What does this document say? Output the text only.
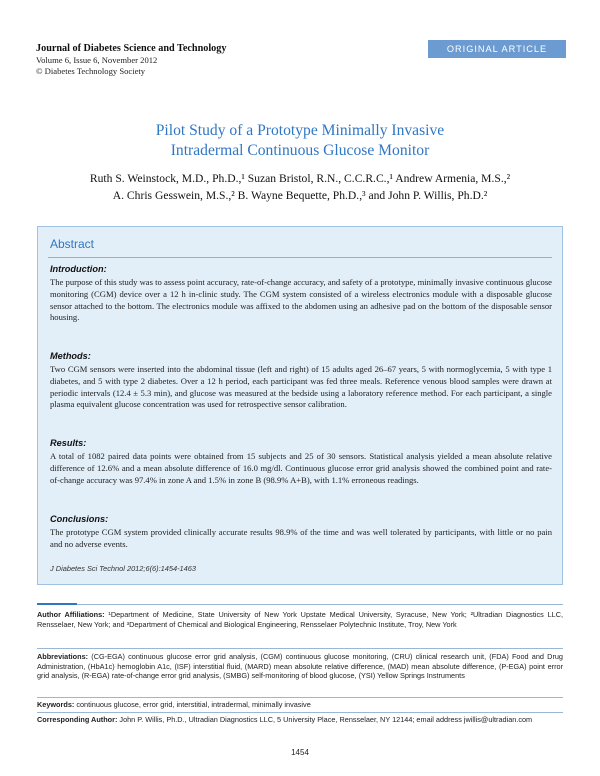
Journal of Diabetes Science and Technology
Volume 6, Issue 6, November 2012
© Diabetes Technology Society
ORIGINAL ARTICLE
Pilot Study of a Prototype Minimally Invasive
Intradermal Continuous Glucose Monitor
Ruth S. Weinstock, M.D., Ph.D.,¹ Suzan Bristol, R.N., C.C.R.C.,¹ Andrew Armenia, M.S.,²
A. Chris Gesswein, M.S.,² B. Wayne Bequette, Ph.D.,³ and John P. Willis, Ph.D.²
Abstract
Introduction:
The purpose of this study was to assess point accuracy, rate-of-change accuracy, and safety of a prototype, minimally invasive continuous glucose monitoring (CGM) device over a 12 h in-clinic study. The CGM system consisted of a wireless electronics module with a disposable glucose sensor attached to the bottom. The electronics module was affixed to the abdomen using an adhesive pad on the bottom of the disposable sensor housing.
Methods:
Two CGM sensors were inserted into the abdominal tissue (left and right) of 15 adults aged 26–67 years, 5 with normoglycemia, 5 with type 1 diabetes, and 5 with type 2 diabetes. Over a 12 h period, each participant was fed three meals. Reference venous blood samples were drawn at periodic intervals (12.4 ± 5.3 min), and glucose was measured at the bedside using a laboratory reference method. For each participant, a single plasma equivalent glucose concentration was used for retrospective sensor calibration.
Results:
A total of 1082 paired data points were obtained from 15 subjects and 25 of 30 sensors. Statistical analysis yielded a mean absolute relative difference of 12.6% and a mean absolute difference of 16.0 mg/dl. Continuous glucose error grid analysis showed the combined point and rate-of-change accuracy was 97.4% in zone A and 1.5% in zone B (98.9% A+B), with 1.1% erroneous readings.
Conclusions:
The prototype CGM system provided clinically accurate results 98.9% of the time and was well tolerated by participants, with little or no pain and no adverse events.
J Diabetes Sci Technol 2012;6(6):1454-1463
Author Affiliations: ¹Department of Medicine, State University of New York Upstate Medical University, Syracuse, New York; ²Ultradian Diagnostics LLC, Rensselaer, New York; and ³Department of Chemical and Biological Engineering, Rensselaer Polytechnic Institute, Troy, New York
Abbreviations: (CG-EGA) continuous glucose error grid analysis, (CGM) continuous glucose monitoring, (CRU) clinical research unit, (FDA) Food and Drug Administration, (HbA1c) hemoglobin A1c, (ISF) interstitial fluid, (MARD) mean absolute relative difference, (MAD) mean absolute difference, (P-EGA) point error grid analysis, (R-EGA) rate-of-change error grid analysis, (SMBG) self-monitoring of blood glucose, (YSI) Yellow Springs Instruments
Keywords: continuous glucose, error grid, interstitial, intradermal, minimally invasive
Corresponding Author: John P. Willis, Ph.D., Ultradian Diagnostics LLC, 5 University Place, Rensselaer, NY 12144; email address jwillis@ultradian.com
1454
